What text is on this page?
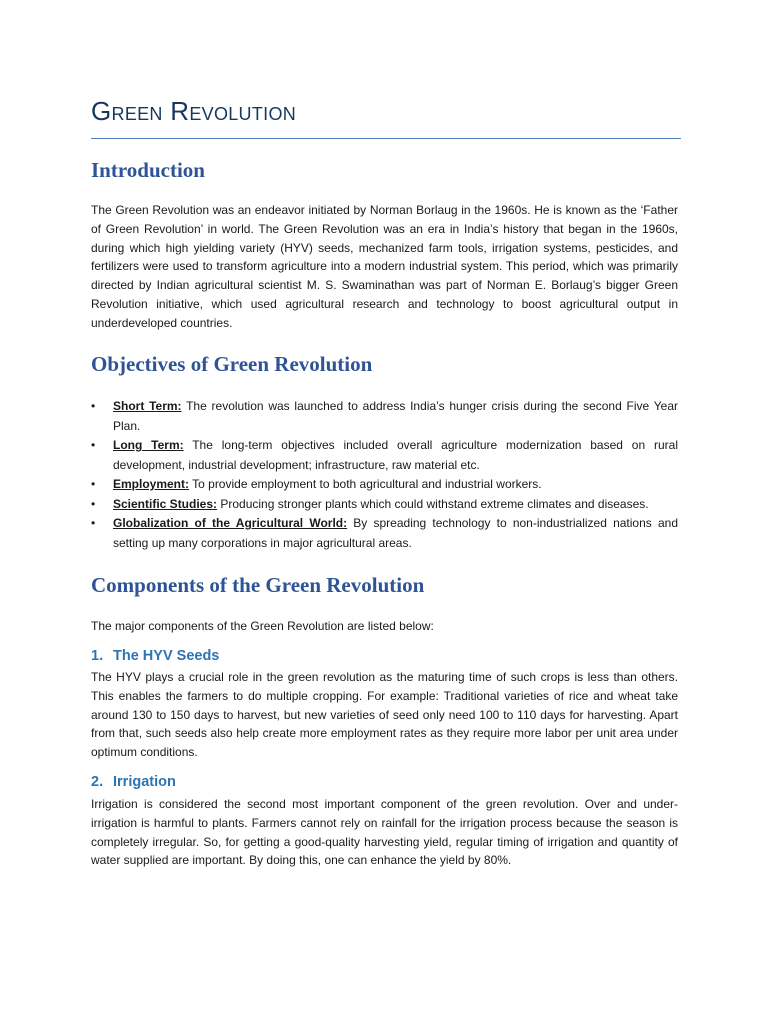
Green Revolution
Introduction

The Green Revolution was an endeavor initiated by Norman Borlaug in the 1960s. He is known as the ‘Father of Green Revolution’ in world. The Green Revolution was an era in India’s history that began in the 1960s, during which high yielding variety (HYV) seeds, mechanized farm tools, irrigation systems, pesticides, and fertilizers were used to transform agriculture into a modern industrial system. This period, which was primarily directed by Indian agricultural scientist M. S. Swaminathan was part of Norman E. Borlaug’s bigger Green Revolution initiative, which used agricultural research and technology to boost agricultural output in underdeveloped countries.

Objectives of Green Revolution
• Short Term: The revolution was launched to address India’s hunger crisis during the second Five Year Plan.
• Long Term: The long-term objectives included overall agriculture modernization based on rural development, industrial development; infrastructure, raw material etc.
• Employment: To provide employment to both agricultural and industrial workers.
• Scientific Studies: Producing stronger plants which could withstand extreme climates and diseases.
• Globalization of the Agricultural World: By spreading technology to non-industrialized nations and setting up many corporations in major agricultural areas.
Components of the Green Revolution

The major components of the Green Revolution are listed below:

1. The HYV Seeds

The HYV plays a crucial role in the green revolution as the maturing time of such crops is less than others. This enables the farmers to do multiple cropping. For example: Traditional varieties of rice and wheat take around 130 to 150 days to harvest, but new varieties of seed only need 100 to 110 days for harvesting. Apart from that, such seeds also help create more employment rates as they require more labor per unit area under optimum conditions.

2. Irrigation

Irrigation is considered the second most important component of the green revolution. Over and under-irrigation is harmful to plants. Farmers cannot rely on rainfall for the irrigation process because the season is completely irregular. So, for getting a good-quality harvesting yield, regular timing of irrigation and quantity of water supplied are important. By doing this, one can enhance the yield by 80%.
